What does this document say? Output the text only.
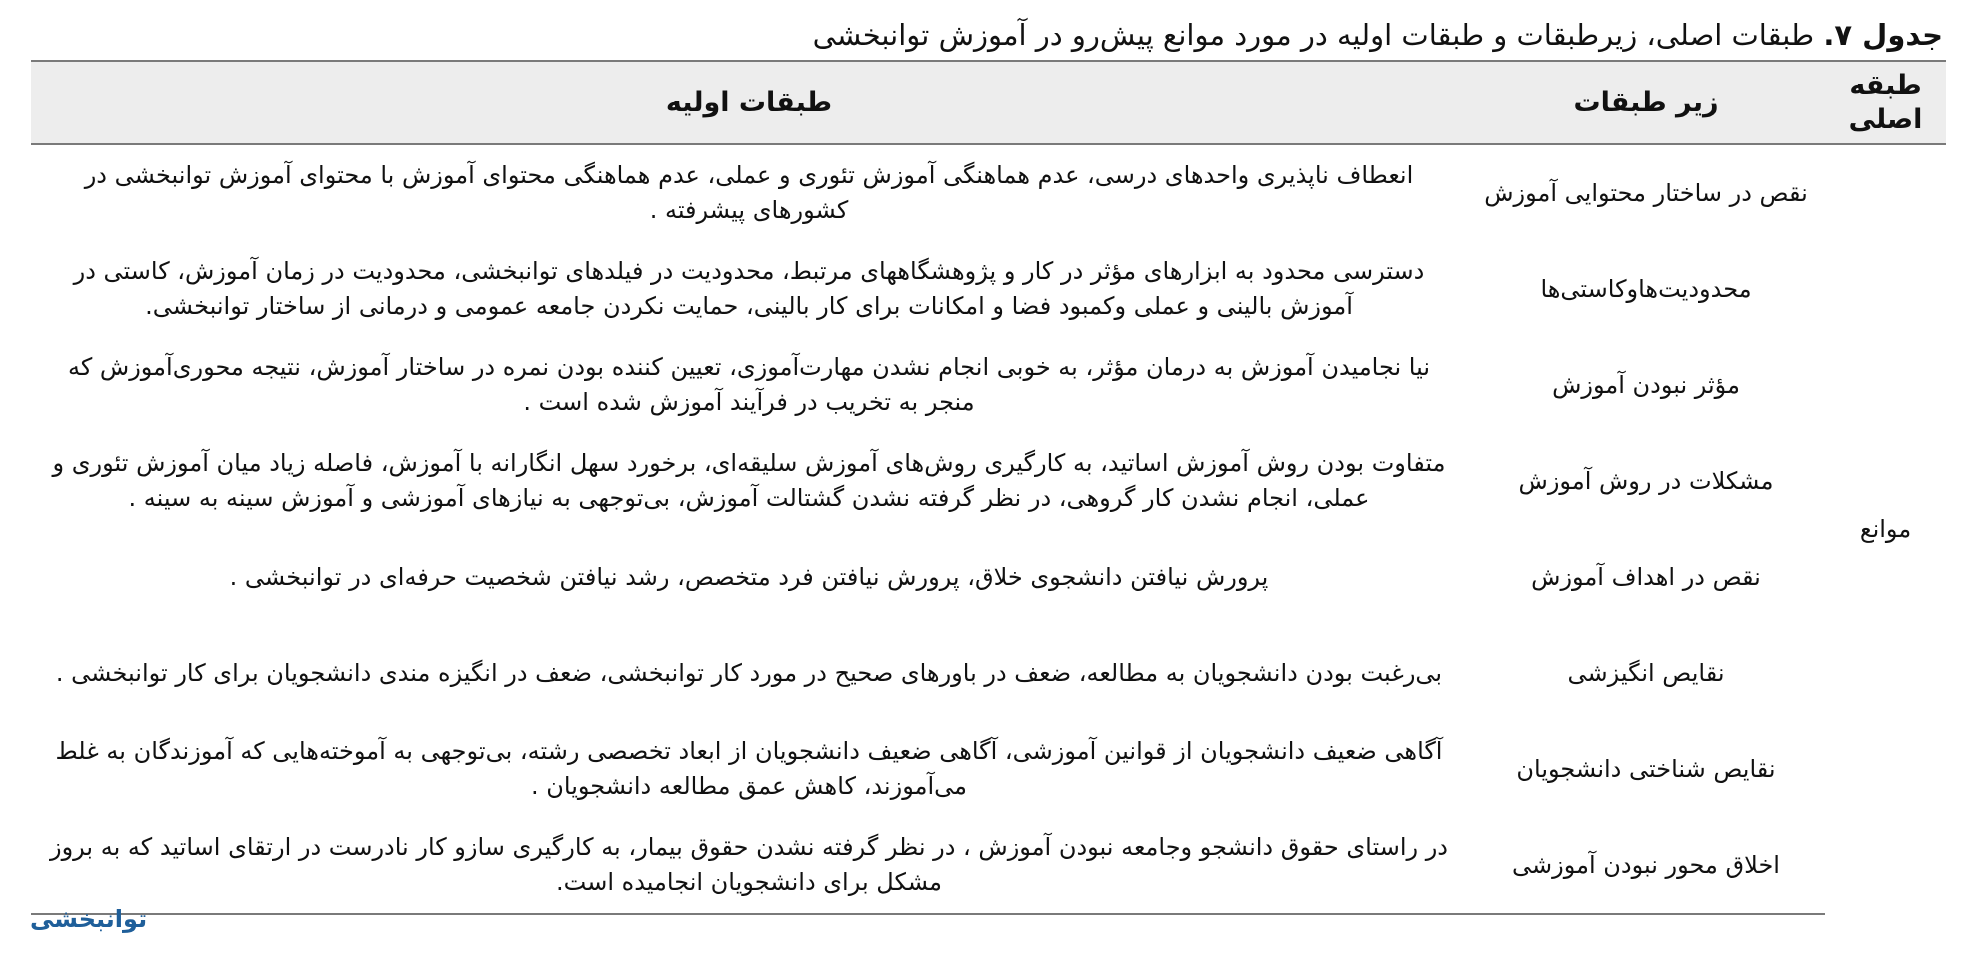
جدول ۷. طبقات اصلی، زیرطبقات و طبقات اولیه در مورد موانع پیش‌رو در آموزش توانبخشی
طبقه اصلی	زیر طبقات	طبقات اولیه
موانع	نقص در ساختار محتوایی آموزش	انعطاف ناپذیری واحدهای درسی، عدم هماهنگی آموزش تئوری و عملی، عدم هماهنگی محتوای آموزش با محتوای آموزش توانبخشی در کشورهای پیشرفته .
	محدودیت‌هاوکاستی‌ها	دسترسی محدود به ابزارهای مؤثر در کار و پژوهشگاههای مرتبط، محدودیت در فیلدهای توانبخشی، محدودیت در زمان آموزش، کاستی در آموزش بالینی و عملی وکمبود فضا و امکانات برای کار بالینی، حمایت نکردن جامعه عمومی و درمانی از ساختار توانبخشی.
	مؤثر نبودن آموزش	نیا نجامیدن آموزش به درمان مؤثر، به خوبی انجام نشدن مهارت‌آموزی، تعیین کننده بودن نمره در ساختار آموزش، نتیجه محوری‌آموزش که منجر به تخریب در فرآیند آموزش شده است .
	مشکلات در روش آموزش	متفاوت بودن روش آموزش اساتید، به کارگیری روش‌های آموزش سلیقه‌ای، برخورد سهل انگارانه با آموزش، فاصله زیاد میان آموزش تئوری و عملی، انجام نشدن کار گروهی، در نظر گرفته نشدن گشتالت آموزش، بی‌توجهی به نیازهای آموزشی و آموزش سینه به سینه .
	نقص در اهداف آموزش	پرورش نیافتن دانشجوی خلاق، پرورش نیافتن فرد متخصص، رشد نیافتن شخصیت حرفه‌ای در توانبخشی .
	نقایص انگیزشی	بی‌رغبت بودن دانشجویان به مطالعه، ضعف در باورهای صحیح در مورد کار توانبخشی، ضعف در انگیزه مندی دانشجویان برای کار توانبخشی .
	نقایص شناختی دانشجویان	آگاهی ضعیف دانشجویان از قوانین آموزشی، آگاهی ضعیف دانشجویان از ابعاد تخصصی رشته، بی‌توجهی به آموخته‌هایی که آموزندگان به غلط می‌آموزند، کاهش عمق مطالعه دانشجویان .
	اخلاق محور نبودن آموزشی	در راستای حقوق دانشجو وجامعه نبودن آموزش ، در نظر گرفته نشدن حقوق بیمار، به کارگیری سازو کار نادرست در ارتقای اساتید که به بروز مشکل برای دانشجویان انجامیده است.
توانبخشی
